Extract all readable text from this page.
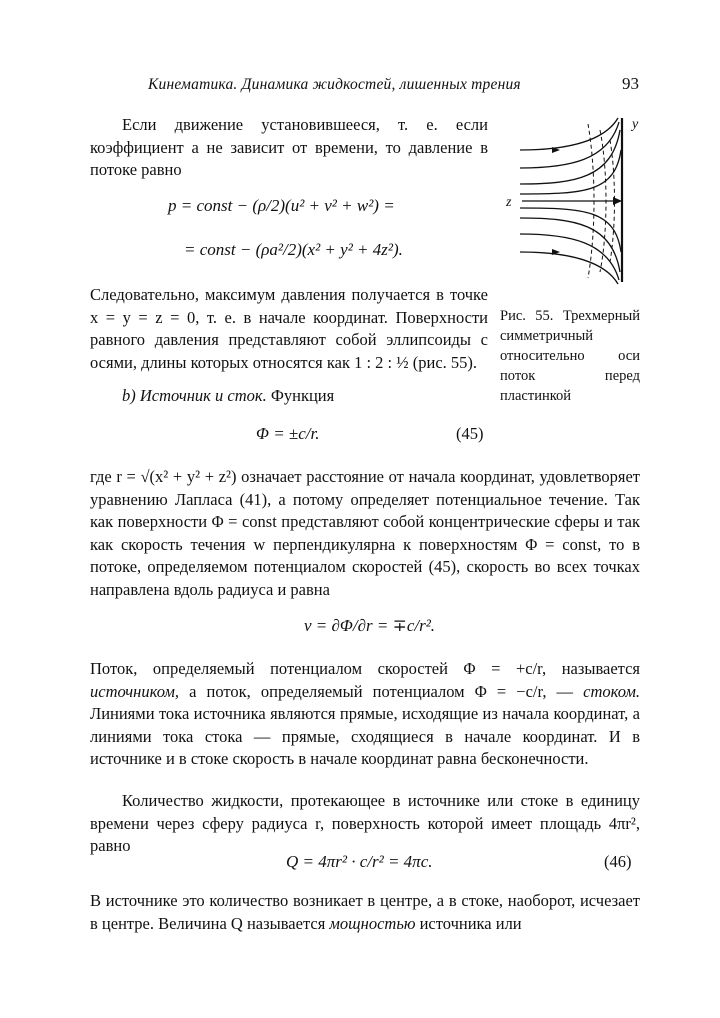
Кинематика. Динамика жидкостей, лишенных трения	93
Если движение установившееся, т. е. если коэффициент a не зависит от времени, то давление в потоке равно
p = const − (ρ/2)(u² + v² + w²) =
= const − (ρa²/2)(x² + y² + 4z²).
Следовательно, максимум давления получается в точке x = y = z = 0, т. е. в начале координат. Поверхности равного давления представляют собой эллипсоиды с осями, длины которых относятся как 1 : 2 : ½ (рис. 55).
b) Источник и сток. Функция
Φ = ±c/r.	(45)
где r = √(x² + y² + z²) означает расстояние от начала координат, удовлетворяет уравнению Лапласа (41), а потому определяет потенциальное течение. Так как поверхности Φ = const представляют собой концентрические сферы и так как скорость течения w перпендикулярна к поверхностям Φ = const, то в потоке, определяемом потенциалом скоростей (45), скорость во всех точках направлена вдоль радиуса и равна
v = ∂Φ/∂r = ∓c/r².
Поток, определяемый потенциалом скоростей Φ = +c/r, называется источником, а поток, определяемый потенциалом Φ = −c/r, — стоком. Линиями тока источника являются прямые, исходящие из начала координат, а линиями тока стока — прямые, сходящиеся в начале координат. И в источнике и в стоке скорость в начале координат равна бесконечности.
Количество жидкости, протекающее в источнике или стоке в единицу времени через сферу радиуса r, поверхность которой имеет площадь 4πr², равно
Q = 4πr² · c/r² = 4πc.	(46)
В источнике это количество возникает в центре, а в стоке, наоборот, исчезает в центре. Величина Q называется мощностью источника или
y
z
Рис. 55. Трехмерный симметричный относительно оси поток перед пластинкой
